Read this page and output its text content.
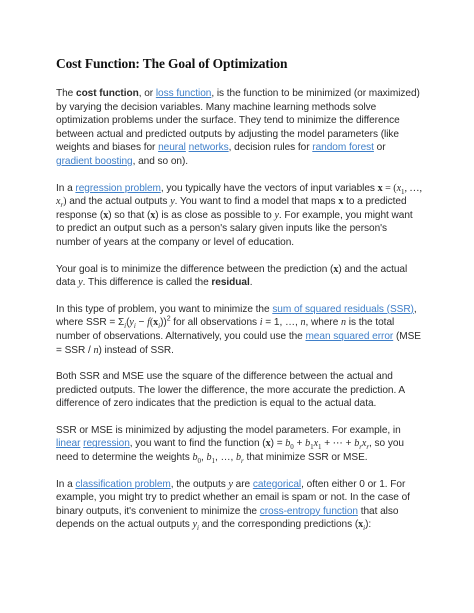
Cost Function: The Goal of Optimization

The cost function, or loss function, is the function to be minimized (or maximized) by varying the decision variables. Many machine learning methods solve optimization problems under the surface. They tend to minimize the difference between actual and predicted outputs by adjusting the model parameters (like weights and biases for neural networks, decision rules for random forest or gradient boosting, and so on).

In a regression problem, you typically have the vectors of input variables $x = (x_1$, …, $x_r$) and the actual outputs y. You want to find a model that maps x to a predicted response (x) so that (x) is as close as possible to y. For example, you might want to predict an output such as a person's salary given inputs like the person's number of years at the company or level of education.

Your goal is to minimize the difference between the prediction (x) and the actual data y. This difference is called the residual.

In this type of problem, you want to minimize the sum of squared residuals (SSR), where SSR = $\Sigma_i(y_i - f(x_i))^2$ for all observations i = 1, …, n, where n is the total number of observations. Alternatively, you could use the mean squared error (MSE = SSR / n) instead of SSR.

Both SSR and MSE use the square of the difference between the actual and predicted outputs. The lower the difference, the more accurate the prediction. A difference of zero indicates that the prediction is equal to the actual data.

SSR or MSE is minimized by adjusting the model parameters. For example, in linear regression, you want to find the function $(x) = b_0 + b_1x_1$ + ⋯ + $b_rx_r$, so you need to determine the weights $b_0$, $b_1$, …, $b_r$ that minimize SSR or MSE.

In a classification problem, the outputs y are categorical, often either 0 or 1. For example, you might try to predict whether an email is spam or not. In the case of binary outputs, it's convenient to minimize the cross-entropy function that also depends on the actual outputs $y_i$ and the corresponding predictions $(x_i)$:
